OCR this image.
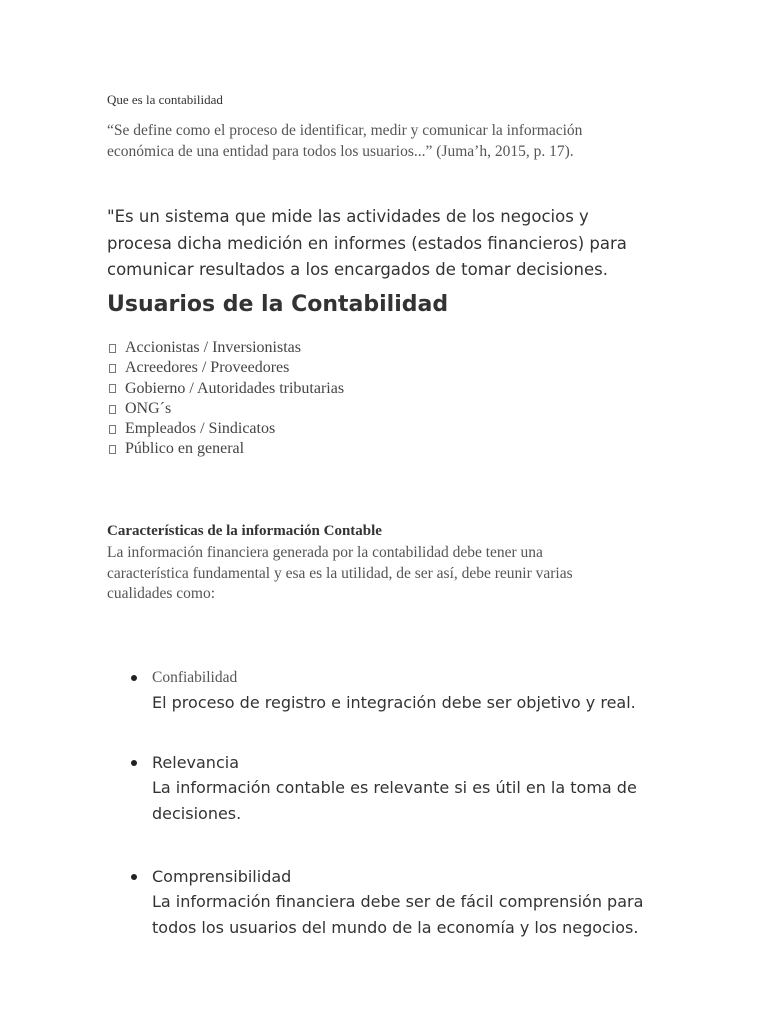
Que es la contabilidad
“Se define como el proceso de identificar, medir y comunicar la información económica de una entidad para todos los usuarios...” (Juma’h, 2015, p. 17).
"Es un sistema que mide las actividades de los negocios y procesa dicha medición en informes (estados financieros) para comunicar resultados a los encargados de tomar decisiones.
Usuarios de la Contabilidad
Accionistas / Inversionistas
Acreedores / Proveedores
Gobierno / Autoridades tributarias
ONG´s
Empleados / Sindicatos
Público en general
Características de la información Contable
La información financiera generada por la contabilidad debe tener una característica fundamental y esa es la utilidad, de ser así, debe reunir varias cualidades como:
Confiabilidad
El proceso de registro e integración debe ser objetivo y real.
Relevancia
La información contable es relevante si es útil en la toma de decisiones.
Comprensibilidad
La información financiera debe ser de fácil comprensión para todos los usuarios del mundo de la economía y los negocios.
